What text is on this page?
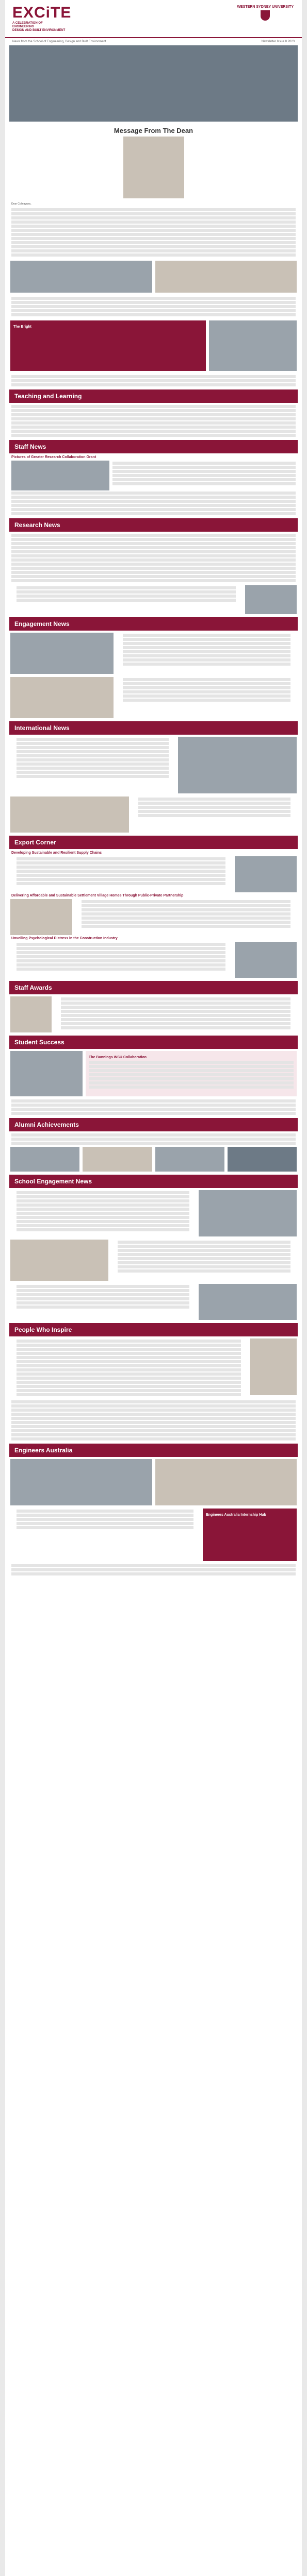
EXCiTE
A CELEBRATION OF
ENGINEERING
DESIGN AND BUILT ENVIRONMENT
WESTERN SYDNEY UNIVERSITY
News from the School of Engineering, Design and Built Environment	Newsletter Issue 8 2023
Message From The Dean

Dear Colleagues,

The Bright
Teaching and Learning
Staff News
Pictures of Greater Research Collaboration Grant
Research News
Engagement News
International News
Export Corner
Developing Sustainable and Resilient Supply Chains
Delivering Affordable and Sustainable Settlement Village Homes Through Public-Private Partnership
Unveiling Psychological Distress in the Construction Industry
Staff Awards
Student Success
The Bunnings WSU Collaboration
Alumni Achievements
School Engagement News
People Who Inspire
Engineers Australia
Engineers Australia Internship Hub
